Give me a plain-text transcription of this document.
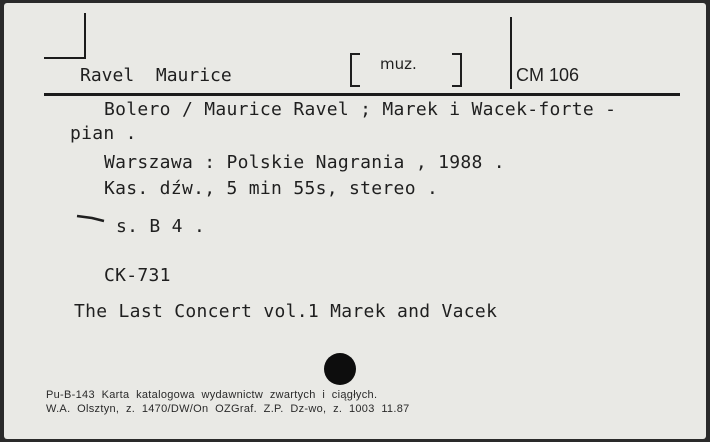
Ravel  Maurice
muz.
CM 106
Bolero / Maurice Ravel ; Marek i Wacek-forte -
pian .
Warszawa : Polskie Nagrania , 1988 .
Kas. dźw., 5 min 55s, stereo .
s. B 4 .
CK-731
The Last Concert vol.1 Marek and Vacek
Pu-B-143  Karta  katalogowa  wydawnictw  zwartych  i  ciągłych.
W.A.  Olsztyn,  z.  1470/DW/On  OZGraf.  Z.P.  Dz-wo,  z.  1003  11.87
